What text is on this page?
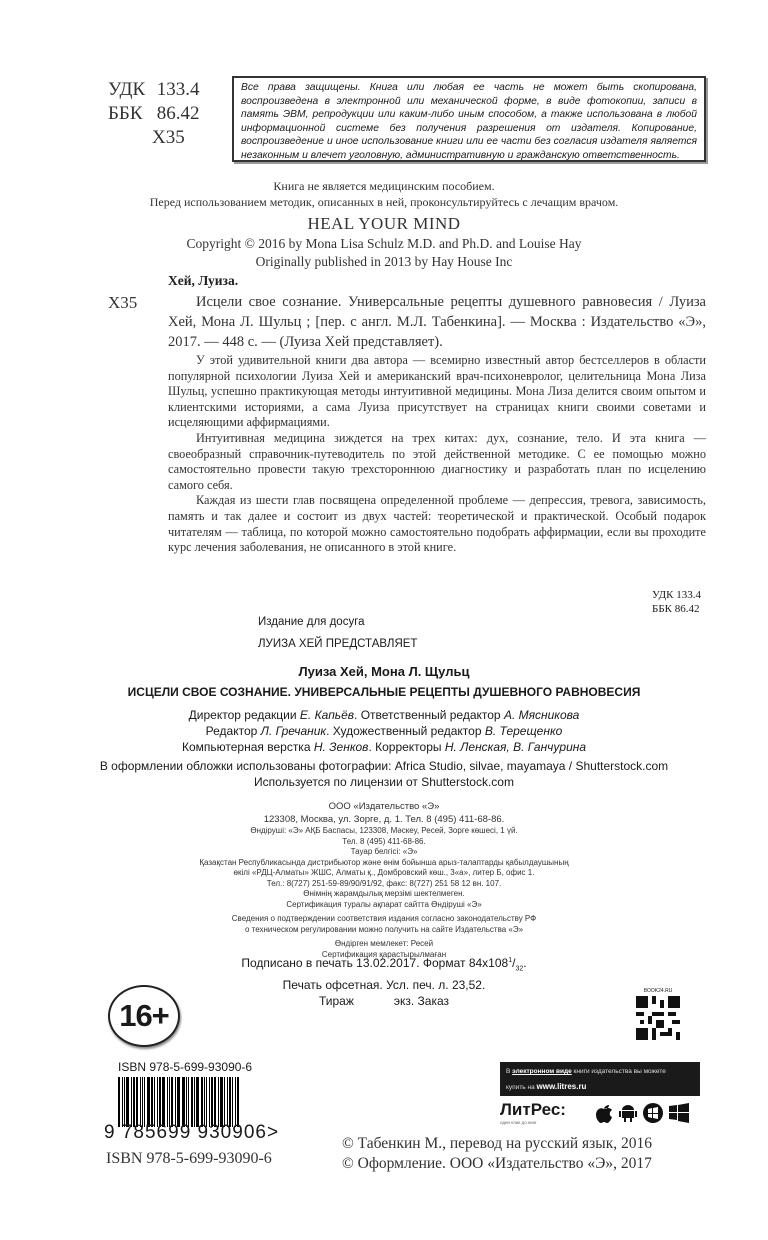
УДК 133.4
ББК 86.42
Х35
Все права защищены. Книга или любая ее часть не может быть скопирована, воспроизведена в электронной или механической форме, в виде фотокопии, записи в память ЭВМ, репродукции или каким-либо иным способом, а также использована в любой информационной системе без получения разрешения от издателя. Копирование, воспроизведение и иное использование книги или ее части без согласия издателя является незаконным и влечет уголовную, административную и гражданскую ответственность.
Книга не является медицинским пособием.
Перед использованием методик, описанных в ней, проконсультируйтесь с лечащим врачом.
HEAL YOUR MIND
Copyright © 2016 by Mona Lisa Schulz M.D. and Ph.D. and Louise Hay
Originally published in 2013 by Hay House Inc
Хей, Луиза.
Х35	Исцели свое сознание. Универсальные рецепты душевного равновесия / Луиза Хей, Мона Л. Шульц ; [пер. с англ. М.Л. Табенкина]. — Москва : Издательство «Э», 2017. — 448 с. — (Луиза Хей представляет).

У этой удивительной книги два автора — всемирно известный автор бестселлеров в области популярной психологии Луиза Хей и американский врач-психоневролог, целительница Мона Лиза Шульц, успешно практикующая методы интуитивной медицины. Мона Лиза делится своим опытом и клиентскими историями, а сама Луиза присутствует на страницах книги своими советами и исцеляющими аффирмациями.

Интуитивная медицина зиждется на трех китах: дух, сознание, тело. И эта книга — своеобразный справочник-путеводитель по этой действенной методике. С ее помощью можно самостоятельно провести такую трехстороннюю диагностику и разработать план по исцелению самого себя.

Каждая из шести глав посвящена определенной проблеме — депрессия, тревога, зависимость, память и так далее и состоит из двух частей: теоретической и практической. Особый подарок читателям — таблица, по которой можно самостоятельно подобрать аффирмации, если вы проходите курс лечения заболевания, не описанного в этой книге.

УДК 133.4
ББК 86.42
Издание для досуга
ЛУИЗА ХЕЙ ПРЕДСТАВЛЯЕТ
Луиза Хей, Мона Л. Щульц
ИСЦЕЛИ СВОЕ СОЗНАНИЕ. УНИВЕРСАЛЬНЫЕ РЕЦЕПТЫ ДУШЕВНОГО РАВНОВЕСИЯ
Директор редакции Е. Капьёв. Ответственный редактор А. Мясникова
Редактор Л. Гречаник. Художественный редактор В. Терещенко
Компьютерная верстка Н. Зенков. Корректоры Н. Ленская, В. Ганчурина
В оформлении обложки использованы фотографии: Africa Studio, silvae, mayamaya / Shutterstock.com
Используется по лицензии от Shutterstock.com
ООО «Издательство «Э»
123308, Москва, ул. Зорге, д. 1. Тел. 8 (495) 411-68-86.
Өндіруші: «Э» АҚБ Баспасы, 123308, Мәскеу, Ресей, Зорге көшесі, 1 үй.
Тел. 8 (495) 411-68-86.
Тауар белгісі: «Э»
Қазақстан Республикасында дистрибьютор және өнім бойынша арыз-талаптарды қабылдаушының
өкілі «РДЦ-Алматы» ЖШС, Алматы қ., Домбровский көш., 3«а», литер Б, офис 1.
Тел.: 8(727) 251-59-89/90/91/92, факс: 8(727) 251 58 12 вн. 107.
Өнімнің жарамдылық мерзімі шектелмеген.
Сертификация туралы ақпарат сайтта Өндіруші «Э»
Сведения о подтверждении соответствия издания согласно законодательству РФ
о техническом регулировании можно получить на сайте Издательства «Э»
Өндірген мемлекет: Ресей
Сертификация қарастырылмаған
Подписано в печать 13.02.2017. Формат $84x108^1/_{32}$.
Печать офсетная. Усл. печ. л. 23,52.
Тираж	экз. Заказ
16+
BOOK24.RU
ISBN 978-5-699-93090-6
9 785699 930906>
ISBN 978-5-699-93090-6
В электронном виде книги издательства вы можете
купить на www.litres.ru
ЛитРес:
один клик до книг
© Табенкин М., перевод на русский язык, 2016
© Оформление. ООО «Издательство «Э», 2017
